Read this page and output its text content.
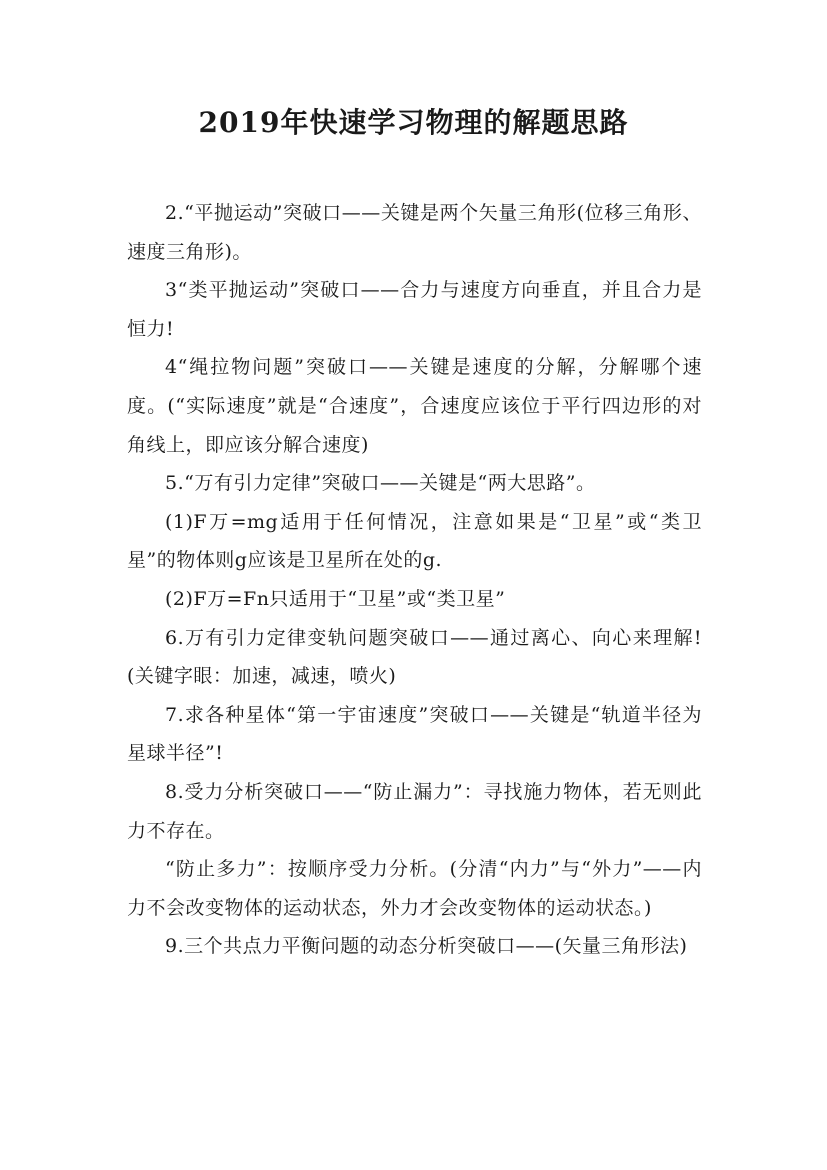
2019年快速学习物理的解题思路

2.“平抛运动”突破口——关键是两个矢量三角形(位移三角形、速度三角形)。

3“类平抛运动”突破口——合力与速度方向垂直，并且合力是恒力!

4“绳拉物问题”突破口——关键是速度的分解，分解哪个速度。(“实际速度”就是“合速度”，合速度应该位于平行四边形的对角线上，即应该分解合速度)

5.“万有引力定律”突破口——关键是“两大思路”。

(1)F万=mg适用于任何情况，注意如果是“卫星”或“类卫星”的物体则g应该是卫星所在处的g.

(2)F万=Fn只适用于“卫星”或“类卫星”

6.万有引力定律变轨问题突破口——通过离心、向心来理解!(关键字眼：加速，减速，喷火)

7.求各种星体“第一宇宙速度”突破口——关键是“轨道半径为星球半径”!

8.受力分析突破口——“防止漏力”：寻找施力物体，若无则此力不存在。

“防止多力”：按顺序受力分析。(分清“内力”与“外力”——内力不会改变物体的运动状态，外力才会改变物体的运动状态。)

9.三个共点力平衡问题的动态分析突破口——(矢量三角形法)
